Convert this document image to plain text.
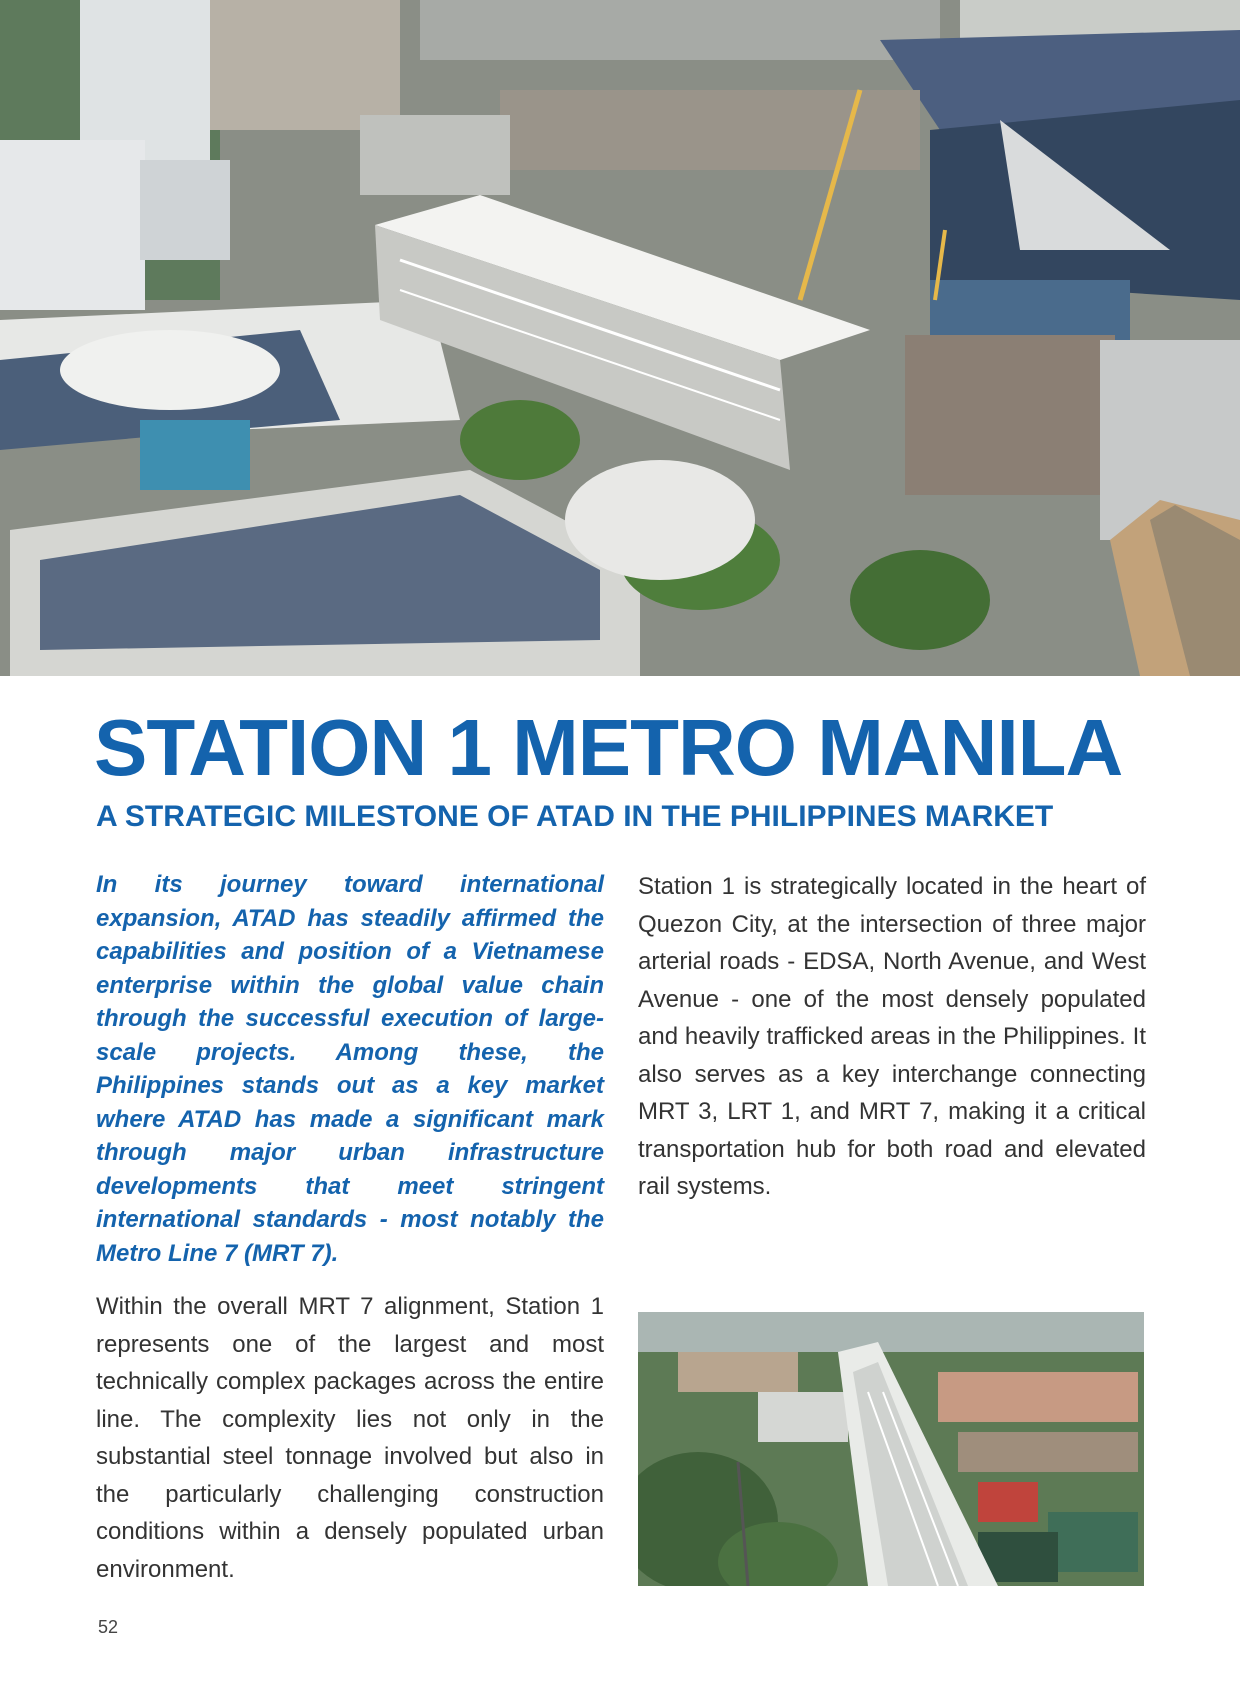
STATION 1 METRO MANILA
A STRATEGIC MILESTONE OF ATAD IN THE PHILIPPINES MARKET

In its journey toward international expansion, ATAD has steadily affirmed the capabilities and position of a Vietnamese enterprise within the global value chain through the successful execution of large-scale projects. Among these, the Philippines stands out as a key market where ATAD has made a significant mark through major urban infrastructure developments that meet stringent international standards - most notably the Metro Line 7 (MRT 7).

Within the overall MRT 7 alignment, Station 1 represents one of the largest and most technically complex packages across the entire line. The complexity lies not only in the substantial steel tonnage involved but also in the particularly challenging construction conditions within a densely populated urban environment.

Station 1 is strategically located in the heart of Quezon City, at the intersection of three major arterial roads - EDSA, North Avenue, and West Avenue - one of the most densely populated and heavily trafficked areas in the Philippines. It also serves as a key interchange connecting MRT 3, LRT 1, and MRT 7, making it a critical transportation hub for both road and elevated rail systems.

52
